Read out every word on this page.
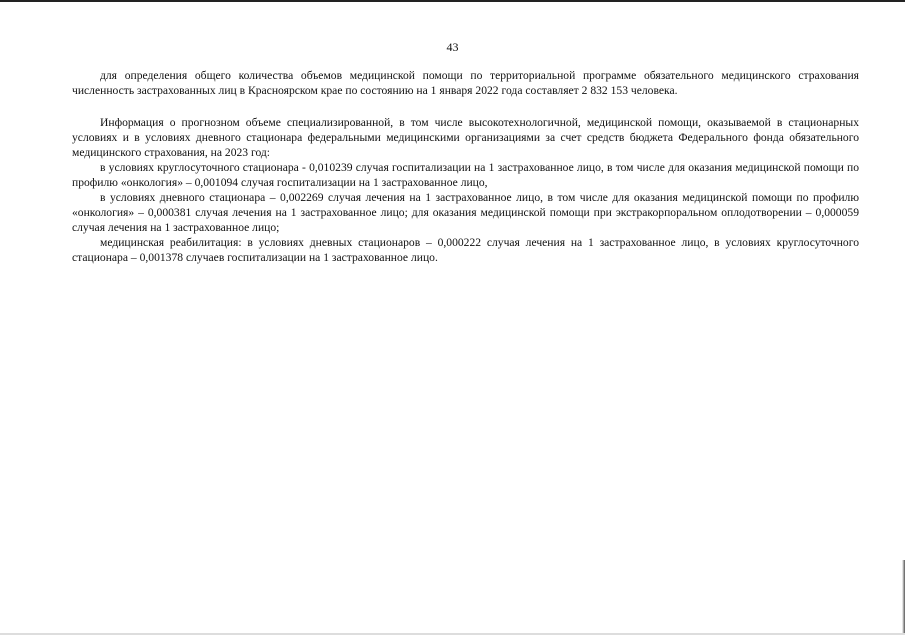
43

для определения общего количества объемов медицинской помощи по территориальной программе обязательного медицинского страхования численность застрахованных лиц в Красноярском крае по состоянию на 1 января 2022 года составляет 2 832 153 человека.

Информация о прогнозном объеме специализированной, в том числе высокотехнологичной, медицинской помощи, оказываемой в стационарных условиях и в условиях дневного стационара федеральными медицинскими организациями за счет средств бюджета Федерального фонда обязательного медицинского страхования, на 2023 год:

в условиях круглосуточного стационара - 0,010239 случая госпитализации на 1 застрахованное лицо, в том числе для оказания медицинской помощи по профилю «онкология» – 0,001094 случая госпитализации на 1 застрахованное лицо,

в условиях дневного стационара – 0,002269 случая лечения на 1 застрахованное лицо, в том числе для оказания медицинской помощи по профилю «онкология» – 0,000381 случая лечения на 1 застрахованное лицо; для оказания медицинской помощи при экстракорпоральном оплодотворении – 0,000059 случая лечения на 1 застрахованное лицо;

медицинская реабилитация: в условиях дневных стационаров – 0,000222 случая лечения на 1 застрахованное лицо, в условиях круглосуточного стационара – 0,001378 случаев госпитализации на 1 застрахованное лицо.
